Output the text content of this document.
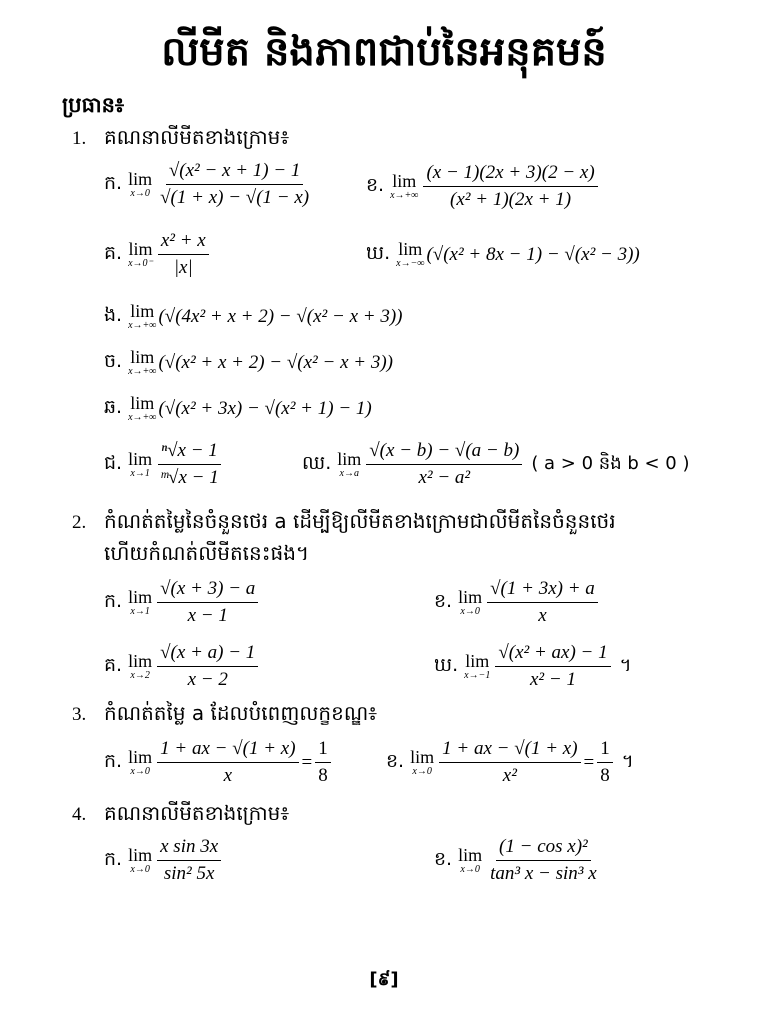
លីមីត និងភាពជាប់នៃអនុគមន៍
ប្រធាន៖
1. គណនាលីមីតខាងក្រោម៖
ក. lim
$x\to 0 \frac{\text{√(x² − x + 1) − 1}}{√(1 + x) - √(1 - x)}$	ខ. lim
$x\to+\infty \frac{(x - 1)(2x + 3)(2 - x)}{\text{(x² + 1)(2x + 1)}}$
គ. lim
$x\to 0^- \frac{\text{x² + x}}{|x|}$	ឃ. lim
x→−∞ (√(x² + 8x − 1) − √(x² − 3))
ង. lim
x→+∞ (√(4x² + x + 2) − √(x² − x + 3))
ច. lim
x→+∞ (√(x² + x + 2) − √(x² − x + 3))
ឆ. lim
x→+∞ (√(x² + 3x) − √(x² + 1) − 1)
ជ. lim
$x\to 1 \frac{\text{ⁿ√x − 1}}{\text{ᵐ√x − 1}}$	ឈ. lim
$x\to a \frac{√(x - b) - √(a - b)}{\text{x² − a²}}$ ( a > 0 និង b < 0 )
2. កំណត់តម្លៃនៃចំនួនថេរ a ដើម្បីឱ្យលីមីតខាងក្រោមជាលីមីតនៃចំនួនថេរ
ហើយកំណត់លីមីតនេះផង។
ក. lim
$x\to 1 \frac{√(x + 3) - a}{x - 1}$	ខ. lim
$x\to 0 \frac{√(1 + 3x) + a}{x}$
គ. lim
$x\to 2 \frac{√(x + a) - 1}{x - 2}$	ឃ. lim
$x\to-1 \frac{\text{√(x² + ax) − 1}}{\text{x² − 1}}$ ។
3. កំណត់តម្លៃ a ដែលបំពេញលក្ខខណ្ឌ៖
ក. lim
$x\to 0 \frac{1 + ax - √(1 + x)}{x} = \frac{1}{8}$	ខ. lim
$x\to 0 \frac{1 + ax - √(1 + x)}{\text{x²}} = \frac{1}{8}$ ។
4. គណនាលីមីតខាងក្រោម៖
ក. lim
$x\to 0 \frac{\text{x sin 3x}}{\text{sin² 5x}}$	ខ. lim
$x\to 0 \frac{\text{(1 − cos x)²}}{\text{tan³ x − sin³ x}}$
[៩]
